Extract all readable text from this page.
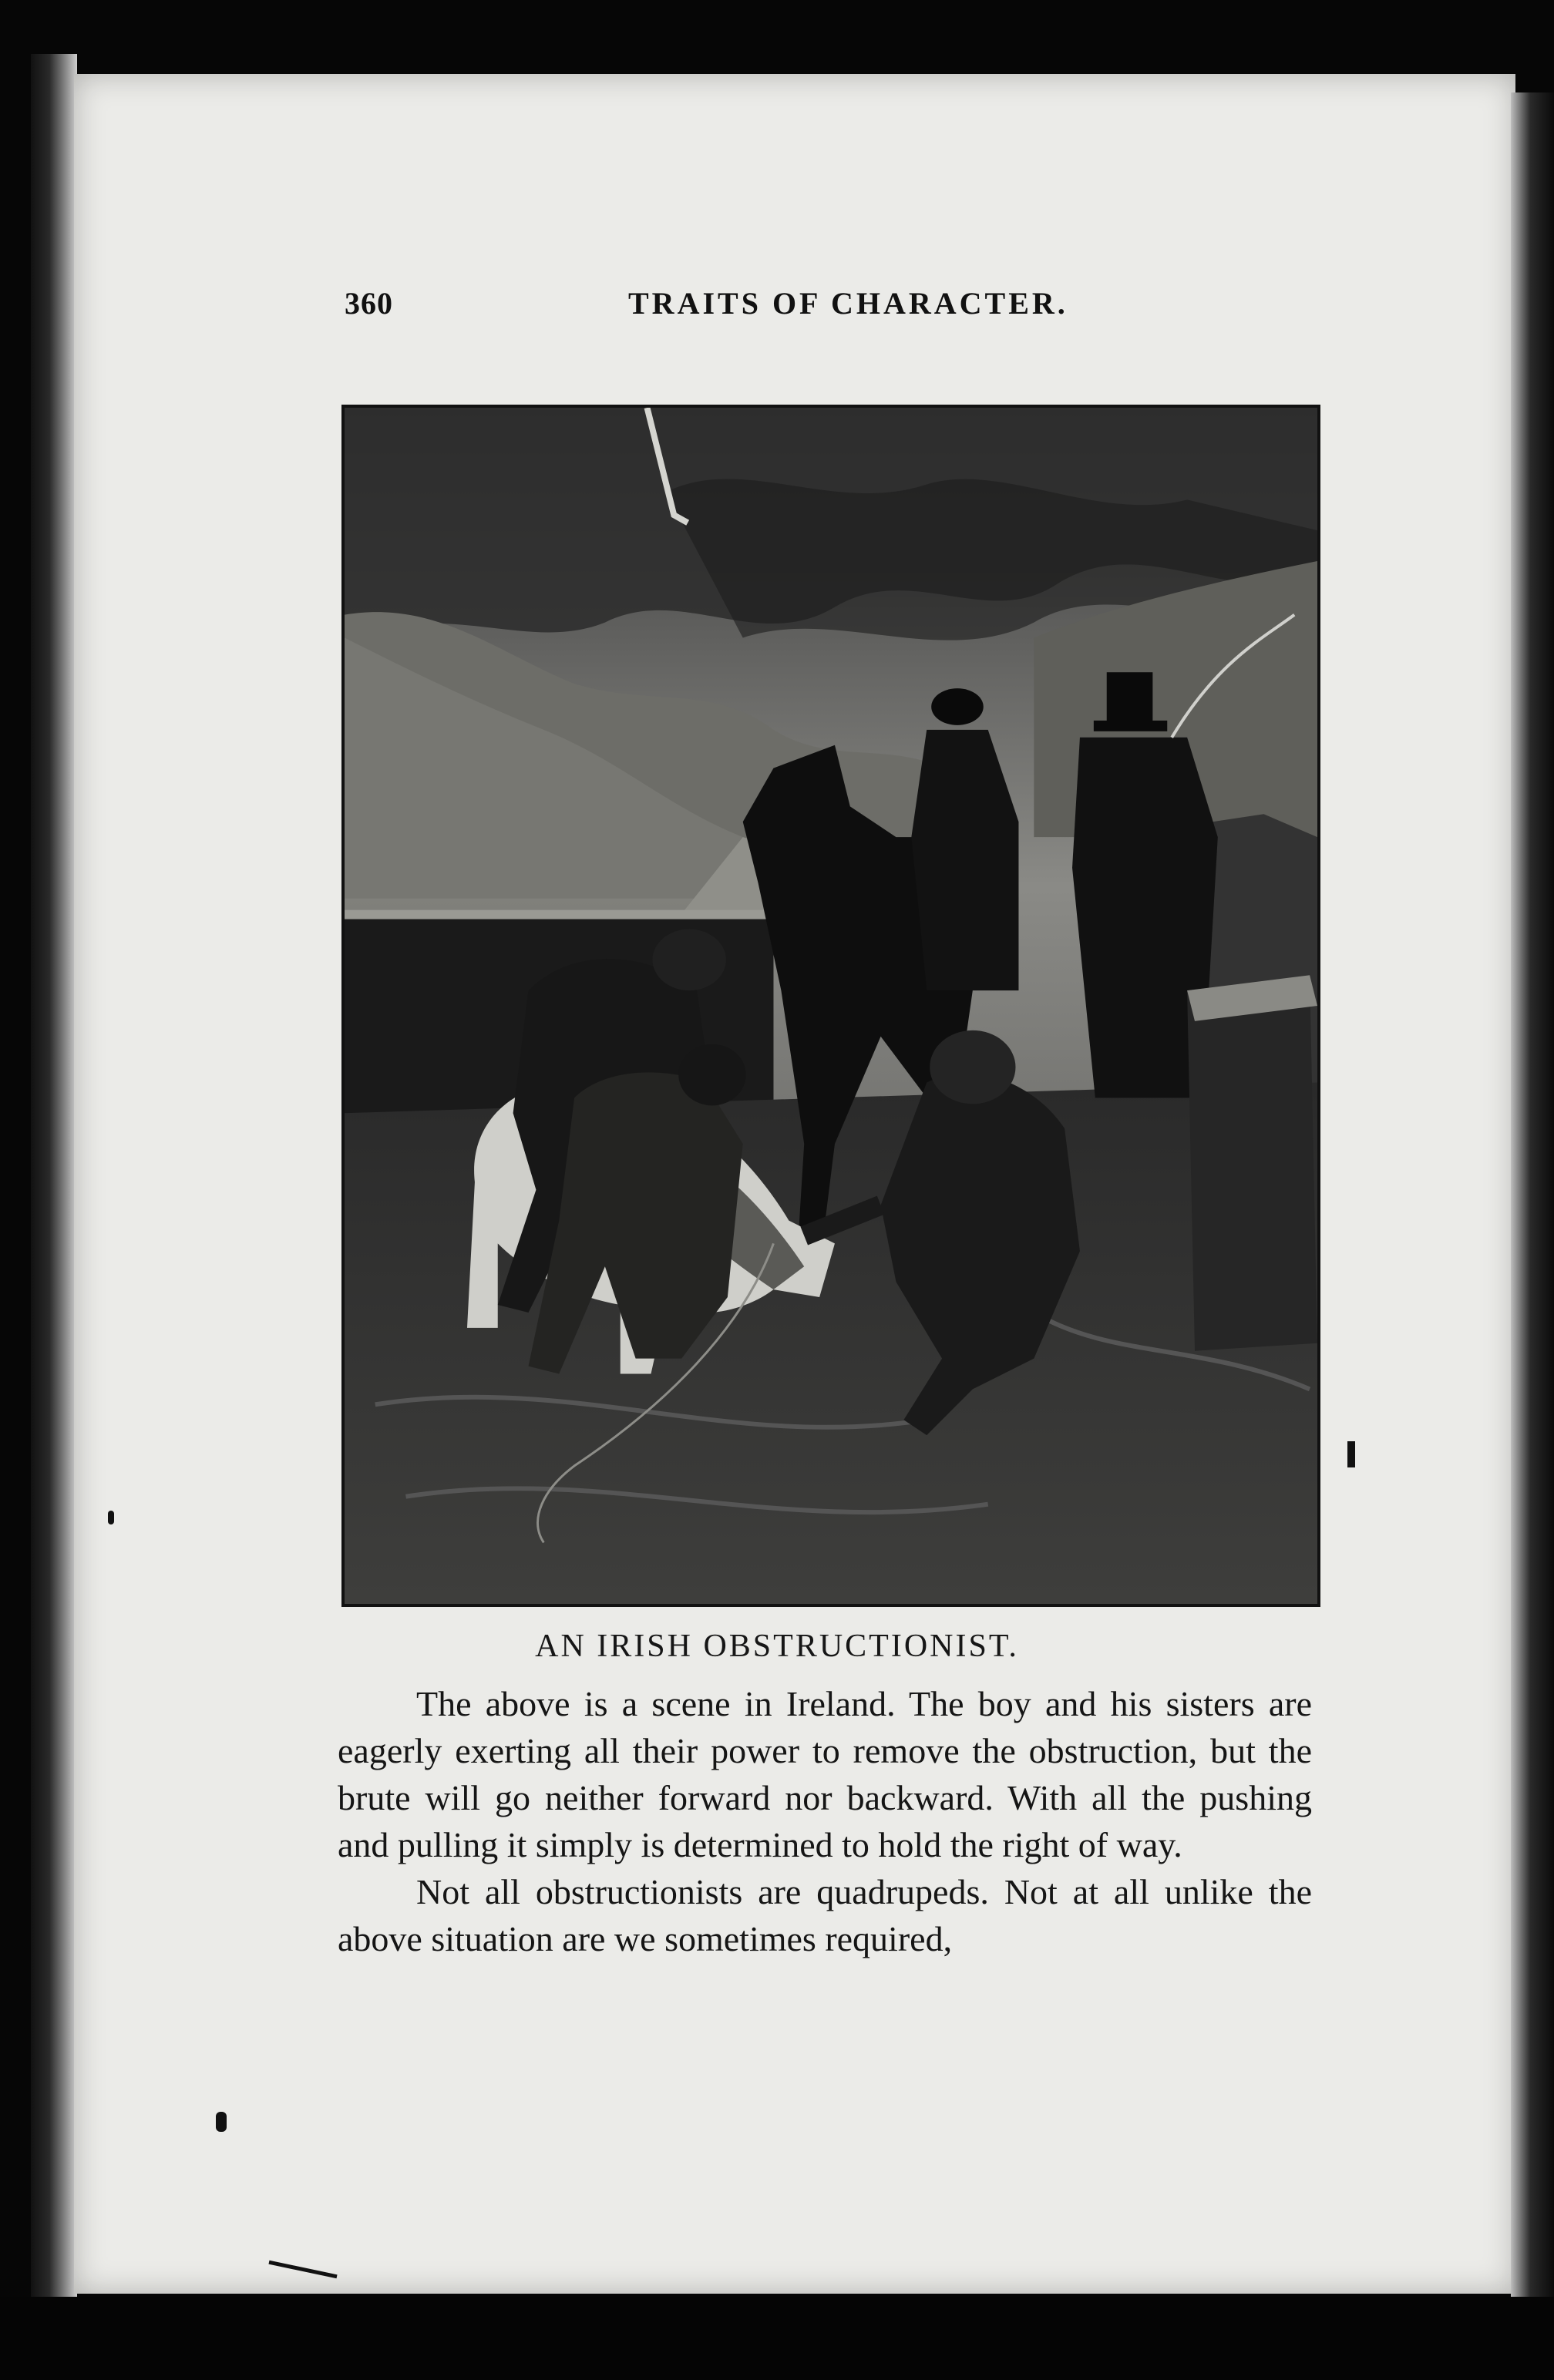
360	TRAITS OF CHARACTER.
AN IRISH OBSTRUCTIONIST.

The above is a scene in Ireland. The boy and his sisters are eagerly exerting all their power to remove the obstruction, but the brute will go neither forward nor backward. With all the pushing and pulling it simply is determined to hold the right of way.

Not all obstructionists are quadrupeds. Not at all unlike the above situation are we sometimes required,
